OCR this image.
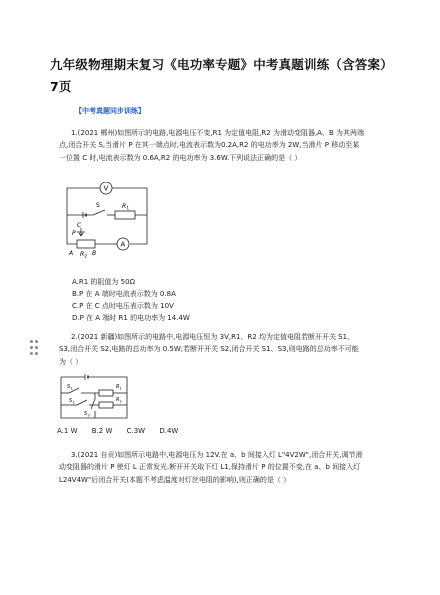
九年级物理期末复习《电功率专题》中考真题训练（含答案）7页
【中考真题同步训练】
1.(2021 郴州)如图所示的电路,电源电压不变,R1 为定值电阻,R2 为滑动变阻器,A、B 为其两端点,闭合开关 S,当滑片 P 在其一端点时,电流表示数为0.2A,R2 的电功率为 2W,当滑片 P 移动至某一位置 C 时,电流表示数为 0.6A,R2 的电功率为 3.6W.下列说法正确的是（ ）
V
S	R 1
C
P
A R 2 B
A
A.R1 的阻值为 50Ω
B.P 在 A 端时电流表示数为 0.8A
C.P 在 C 点时电压表示数为 10V
D.P 在 A 端时 R1 的电功率为 14.4W
2.(2021 新疆)如图所示的电路中,电源电压恒为 3V,R1、R2 均为定值电阻若断开开关 S1、S3,闭合开关 S2,电路的总功率为 0.5W;若断开开关 S2,闭合开关 S1、S3,则电路的总功率不可能为（ ）
S 1
S 2
S 3
R 1
R 2
A.1 W B.2 W C.3W D.4W
3.(2021 自贡)如图所示电路中,电源电压为 12V.在 a、b 间接入灯 L"4V2W",闭合开关,调节滑动变阻器的滑片 P 使灯 L 正常发光.断开开关取下灯 L1,保持滑片 P 的位置不变,在 a、b 间接入灯 L24V4W"后闭合开关(本题不考虑温度对灯丝电阻的影响),则正确的是（ ）
